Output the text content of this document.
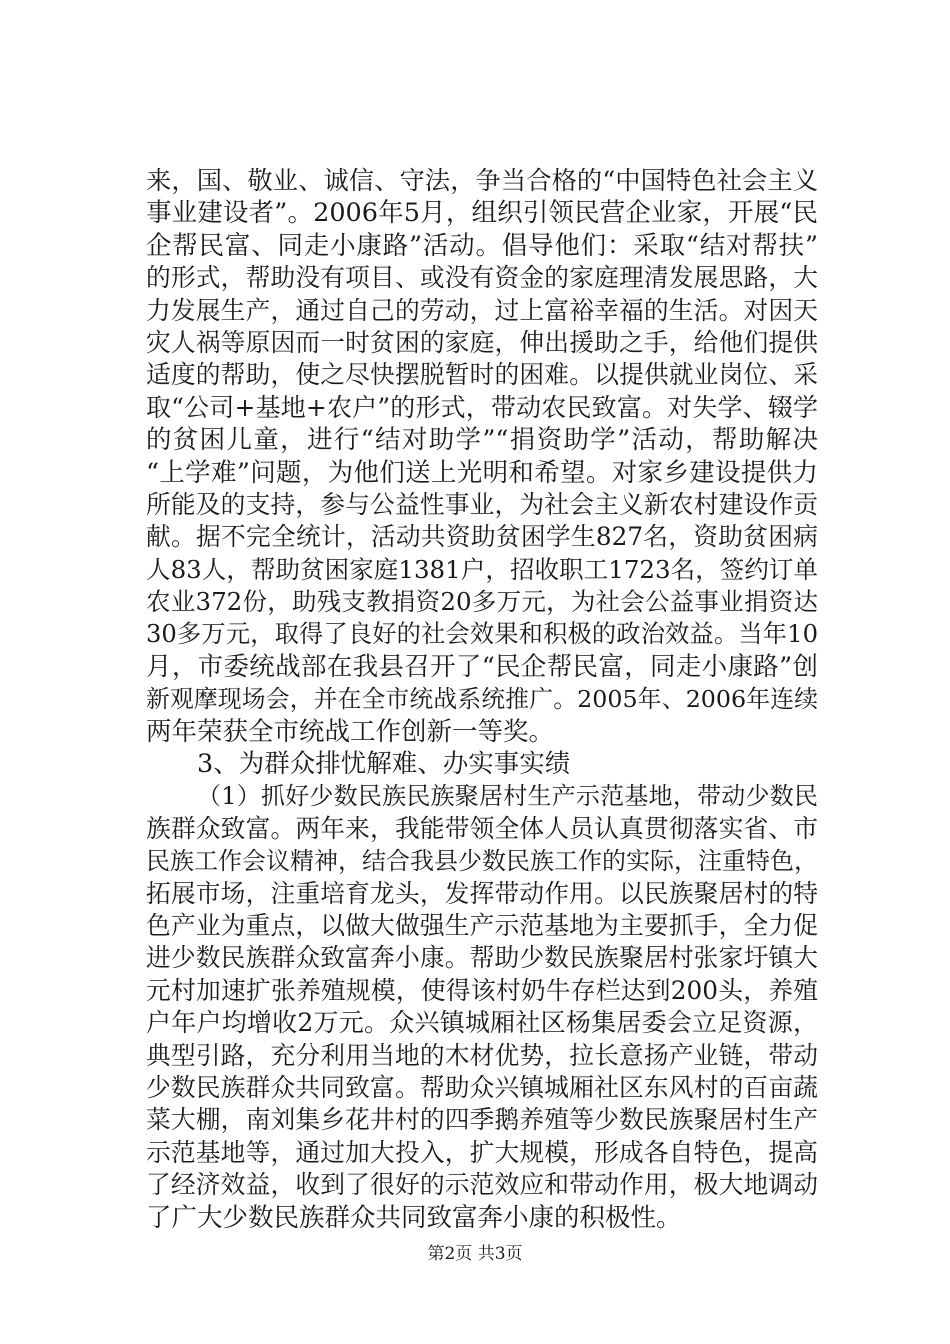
来，国、敬业、诚信、守法，争当合格的“中国特色社会主义
事业建设者”。2006年5月，组织引领民营企业家，开展“民
企帮民富、同走小康路”活动。倡导他们：采取“结对帮扶”
的形式，帮助没有项目、或没有资金的家庭理清发展思路，大
力发展生产，通过自己的劳动，过上富裕幸福的生活。对因天
灾人祸等原因而一时贫困的家庭，伸出援助之手，给他们提供
适度的帮助，使之尽快摆脱暂时的困难。以提供就业岗位、采
取“公司+基地+农户”的形式，带动农民致富。对失学、辍学
的贫困儿童，进行“结对助学”“捐资助学”活动，帮助解决
“上学难”问题，为他们送上光明和希望。对家乡建设提供力
所能及的支持，参与公益性事业，为社会主义新农村建设作贡
献。据不完全统计，活动共资助贫困学生827名，资助贫困病
人83人，帮助贫困家庭1381户，招收职工1723名，签约订单
农业372份，助残支教捐资20多万元，为社会公益事业捐资达
30多万元，取得了良好的社会效果和积极的政治效益。当年10
月，市委统战部在我县召开了“民企帮民富，同走小康路”创
新观摩现场会，并在全市统战系统推广。2005年、2006年连续
两年荣获全市统战工作创新一等奖。
3、为群众排忧解难、办实事实绩
（1）抓好少数民族民族聚居村生产示范基地，带动少数民
族群众致富。两年来，我能带领全体人员认真贯彻落实省、市
民族工作会议精神，结合我县少数民族工作的实际，注重特色，
拓展市场，注重培育龙头，发挥带动作用。以民族聚居村的特
色产业为重点，以做大做强生产示范基地为主要抓手，全力促
进少数民族群众致富奔小康。帮助少数民族聚居村张家圩镇大
元村加速扩张养殖规模，使得该村奶牛存栏达到200头，养殖
户年户均增收2万元。众兴镇城厢社区杨集居委会立足资源，
典型引路，充分利用当地的木材优势，拉长意扬产业链，带动
少数民族群众共同致富。帮助众兴镇城厢社区东风村的百亩蔬
菜大棚，南刘集乡花井村的四季鹅养殖等少数民族聚居村生产
示范基地等，通过加大投入，扩大规模，形成各自特色，提高
了经济效益，收到了很好的示范效应和带动作用，极大地调动
了广大少数民族群众共同致富奔小康的积极性。
第2页 共3页
